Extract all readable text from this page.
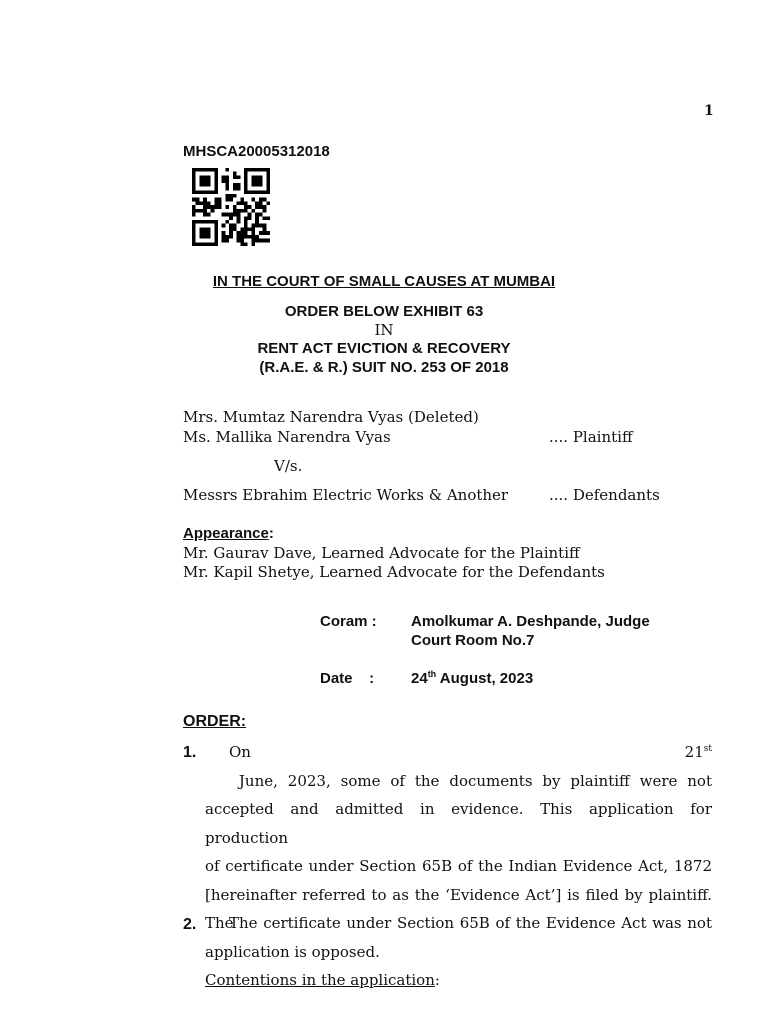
1
MHSCA20005312018
IN THE COURT OF SMALL CAUSES AT MUMBAI
ORDER BELOW EXHIBIT 63
IN
RENT ACT EVICTION & RECOVERY
(R.A.E. & R.) SUIT NO. 253 OF 2018
Mrs. Mumtaz Narendra Vyas (Deleted)
Ms. Mallika Narendra Vyas	.... Plaintiff
V/s.
Messrs Ebrahim Electric Works & Another	.... Defendants
Appearance:
Mr. Gaurav Dave, Learned Advocate for the Plaintiff
Mr. Kapil Shetye, Learned Advocate for the Defendants
Coram : Amolkumar A. Deshpande, Judge
Court Room No.7
Date    : 24th August, 2023
ORDER:
1.	On 21st June, 2023, some of the documents by plaintiff were not
accepted and admitted in evidence. This application for production
of certificate under Section 65B of the Indian Evidence Act, 1872
[hereinafter referred to as the ‘Evidence Act’] is filed by plaintiff. The
application is opposed.
Contentions in the application:
2.	The certificate under Section 65B of the Evidence Act was not
